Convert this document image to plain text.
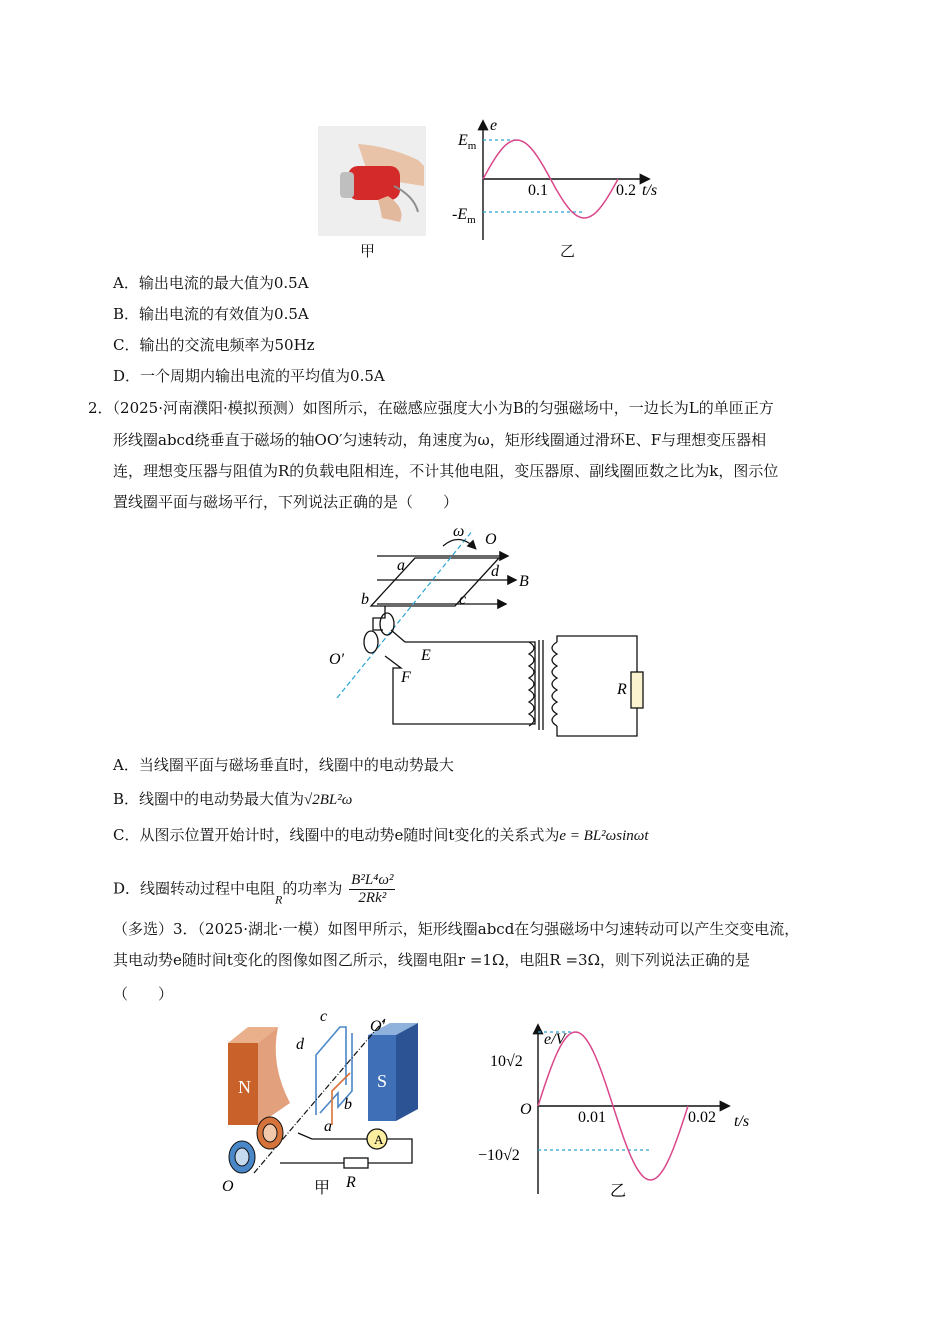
甲
e
$E_m$
$-E_m$
0.1	0.2 t/s
乙
A．输出电流的最大值为0.5A
B．输出电流的有效值为0.5A
C．输出的交流电频率为50Hz
D．一个周期内输出电流的平均值为0.5A
2．（2025·河南濮阳·模拟预测）如图所示，在磁感应强度大小为B的匀强磁场中，一边长为L的单匝正方
形线圈abcd绕垂直于磁场的轴OO′匀速转动，角速度为ω，矩形线圈通过滑环E、F与理想变压器相
连，理想变压器与阻值为R的负载电阻相连，不计其他电阻，变压器原、副线圈匝数之比为k，图示位
置线圈平面与磁场平行，下列说法正确的是（　　）
ω O
a	d
B
b	c
O′	E
F
R
A．当线圈平面与磁场垂直时，线圈中的电动势最大
B．线圈中的电动势最大值为√2BL²ω
C．从图示位置开始计时，线圈中的电动势e随时间t变化的关系式为e = BL²ωsinωt
D．线圈转动过程中电阻$_R$的功率为 $\frac{\text{B²L⁴ω²}}{\text{2Rk²}}$
（多选）3．（2025·湖北·一模）如图甲所示，矩形线圈abcd在匀强磁场中匀速转动可以产生交变电流，
其电动势e随时间t变化的图像如图乙所示，线圈电阻r =1Ω，电阻R =3Ω，则下列说法正确的是
（　　）
A
N	S
c
d
O′
b
a
O	R
甲
e/V
10√2
−10√2
O	0.01	0.02 t/s
乙
